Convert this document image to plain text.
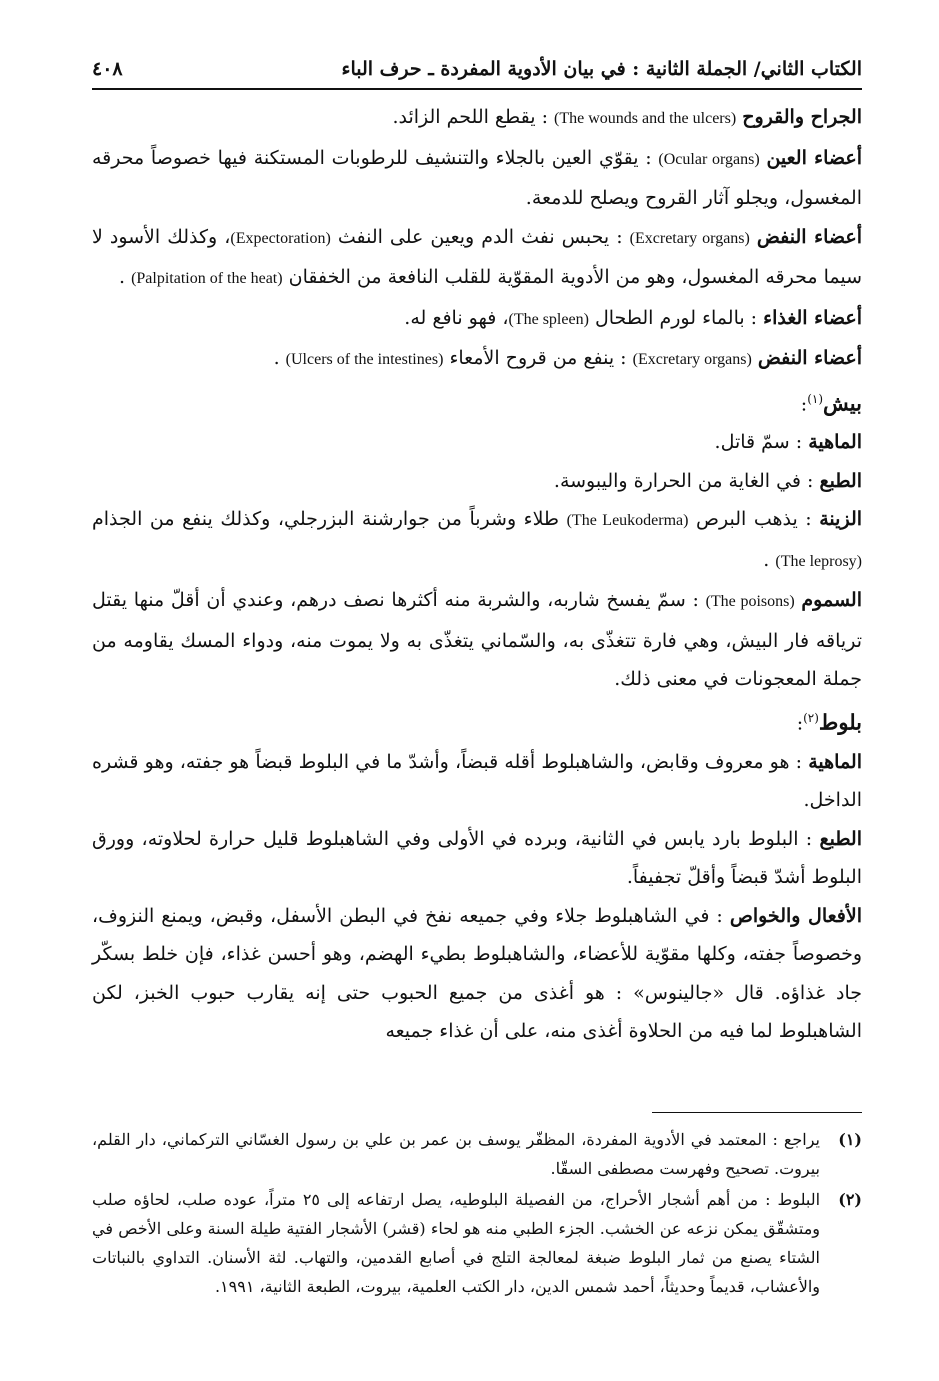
الكتاب الثاني/ الجملة الثانية : في بيان الأدوية المفردة ـ حرف الباء
٤٠٨

الجراح والقروح (The wounds and the ulcers) : يقطع اللحم الزائد.

أعضاء العين (Ocular organs) : يقوّي العين بالجلاء والتنشيف للرطوبات المستكنة فيها خصوصاً محرقه المغسول، ويجلو آثار القروح ويصلح للدمعة.

أعضاء النفض (Excretary organs) : يحبس نفث الدم ويعين على النفث (Expectoration)، وكذلك الأسود لا سيما محرقه المغسول، وهو من الأدوية المقوّية للقلب النافعة من الخفقان (Palpitation of the heat) .

أعضاء الغذاء : بالماء لورم الطحال (The spleen)، فهو نافع له.

أعضاء النفض (Excretary organs) : ينفع من قروح الأمعاء (Ulcers of the intestines) .

بيش$^{(١)}$:

الماهية : سمّ قاتل.

الطبع : في الغاية من الحرارة واليبوسة.

الزينة : يذهب البرص (The Leukoderma) طلاء وشرباً من جوارشنة البزرجلي، وكذلك ينفع من الجذام (The leprosy) .

السموم (The poisons) : سمّ يفسخ شاربه، والشربة منه أكثرها نصف درهم، وعندي أن أقلّ منها يقتل ترياقه فار البيش، وهي فارة تتغذّى به، والسّماني يتغذّى به ولا يموت منه، ودواء المسك يقاومه من جملة المعجونات في معنى ذلك.

بلوط$^{(٢)}$:

الماهية : هو معروف وقابض، والشاهبلوط أقله قبضاً، وأشدّ ما في البلوط قبضاً هو جفته، وهو قشره الداخل.

الطبع : البلوط بارد يابس في الثانية، وبرده في الأولى وفي الشاهبلوط قليل حرارة لحلاوته، وورق البلوط أشدّ قبضاً وأقلّ تجفيفاً.

الأفعال والخواص : في الشاهبلوط جلاء وفي جميعه نفخ في البطن الأسفل، وقبض، ويمنع النزوف، وخصوصاً جفته، وكلها مقوّية للأعضاء، والشاهبلوط بطيء الهضم، وهو أحسن غذاء، فإن خلط بسكّر جاد غذاؤه. قال «جالينوس» : هو أغذى من جميع الحبوب حتى إنه يقارب حبوب الخبز، لكن الشاهبلوط لما فيه من الحلاوة أغذى منه، على أن غذاء جميعه

(١)
يراجع : المعتمد في الأدوية المفردة، المظفّر يوسف بن عمر بن علي بن رسول الغسّاني التركماني، دار القلم، بيروت. تصحيح وفهرست مصطفى السقّا.
(٢)
البلوط : من أهم أشجار الأحراج، من الفصيلة البلوطيه، يصل ارتفاعه إلى ٢٥ متراً، عوده صلب، لحاؤه صلب ومتشقّق يمكن نزعه عن الخشب. الجزء الطبي منه هو لحاء (قشر) الأشجار الفتية طيلة السنة وعلى الأخص في الشتاء يصنع من ثمار البلوط ضبغة لمعالجة التلج في أصابع القدمين، والتهاب. لثة الأسنان. التداوي بالنباتات والأعشاب، قديماً وحديثاً، أحمد شمس الدين، دار الكتب العلمية، بيروت، الطبعة الثانية، ١٩٩١.
